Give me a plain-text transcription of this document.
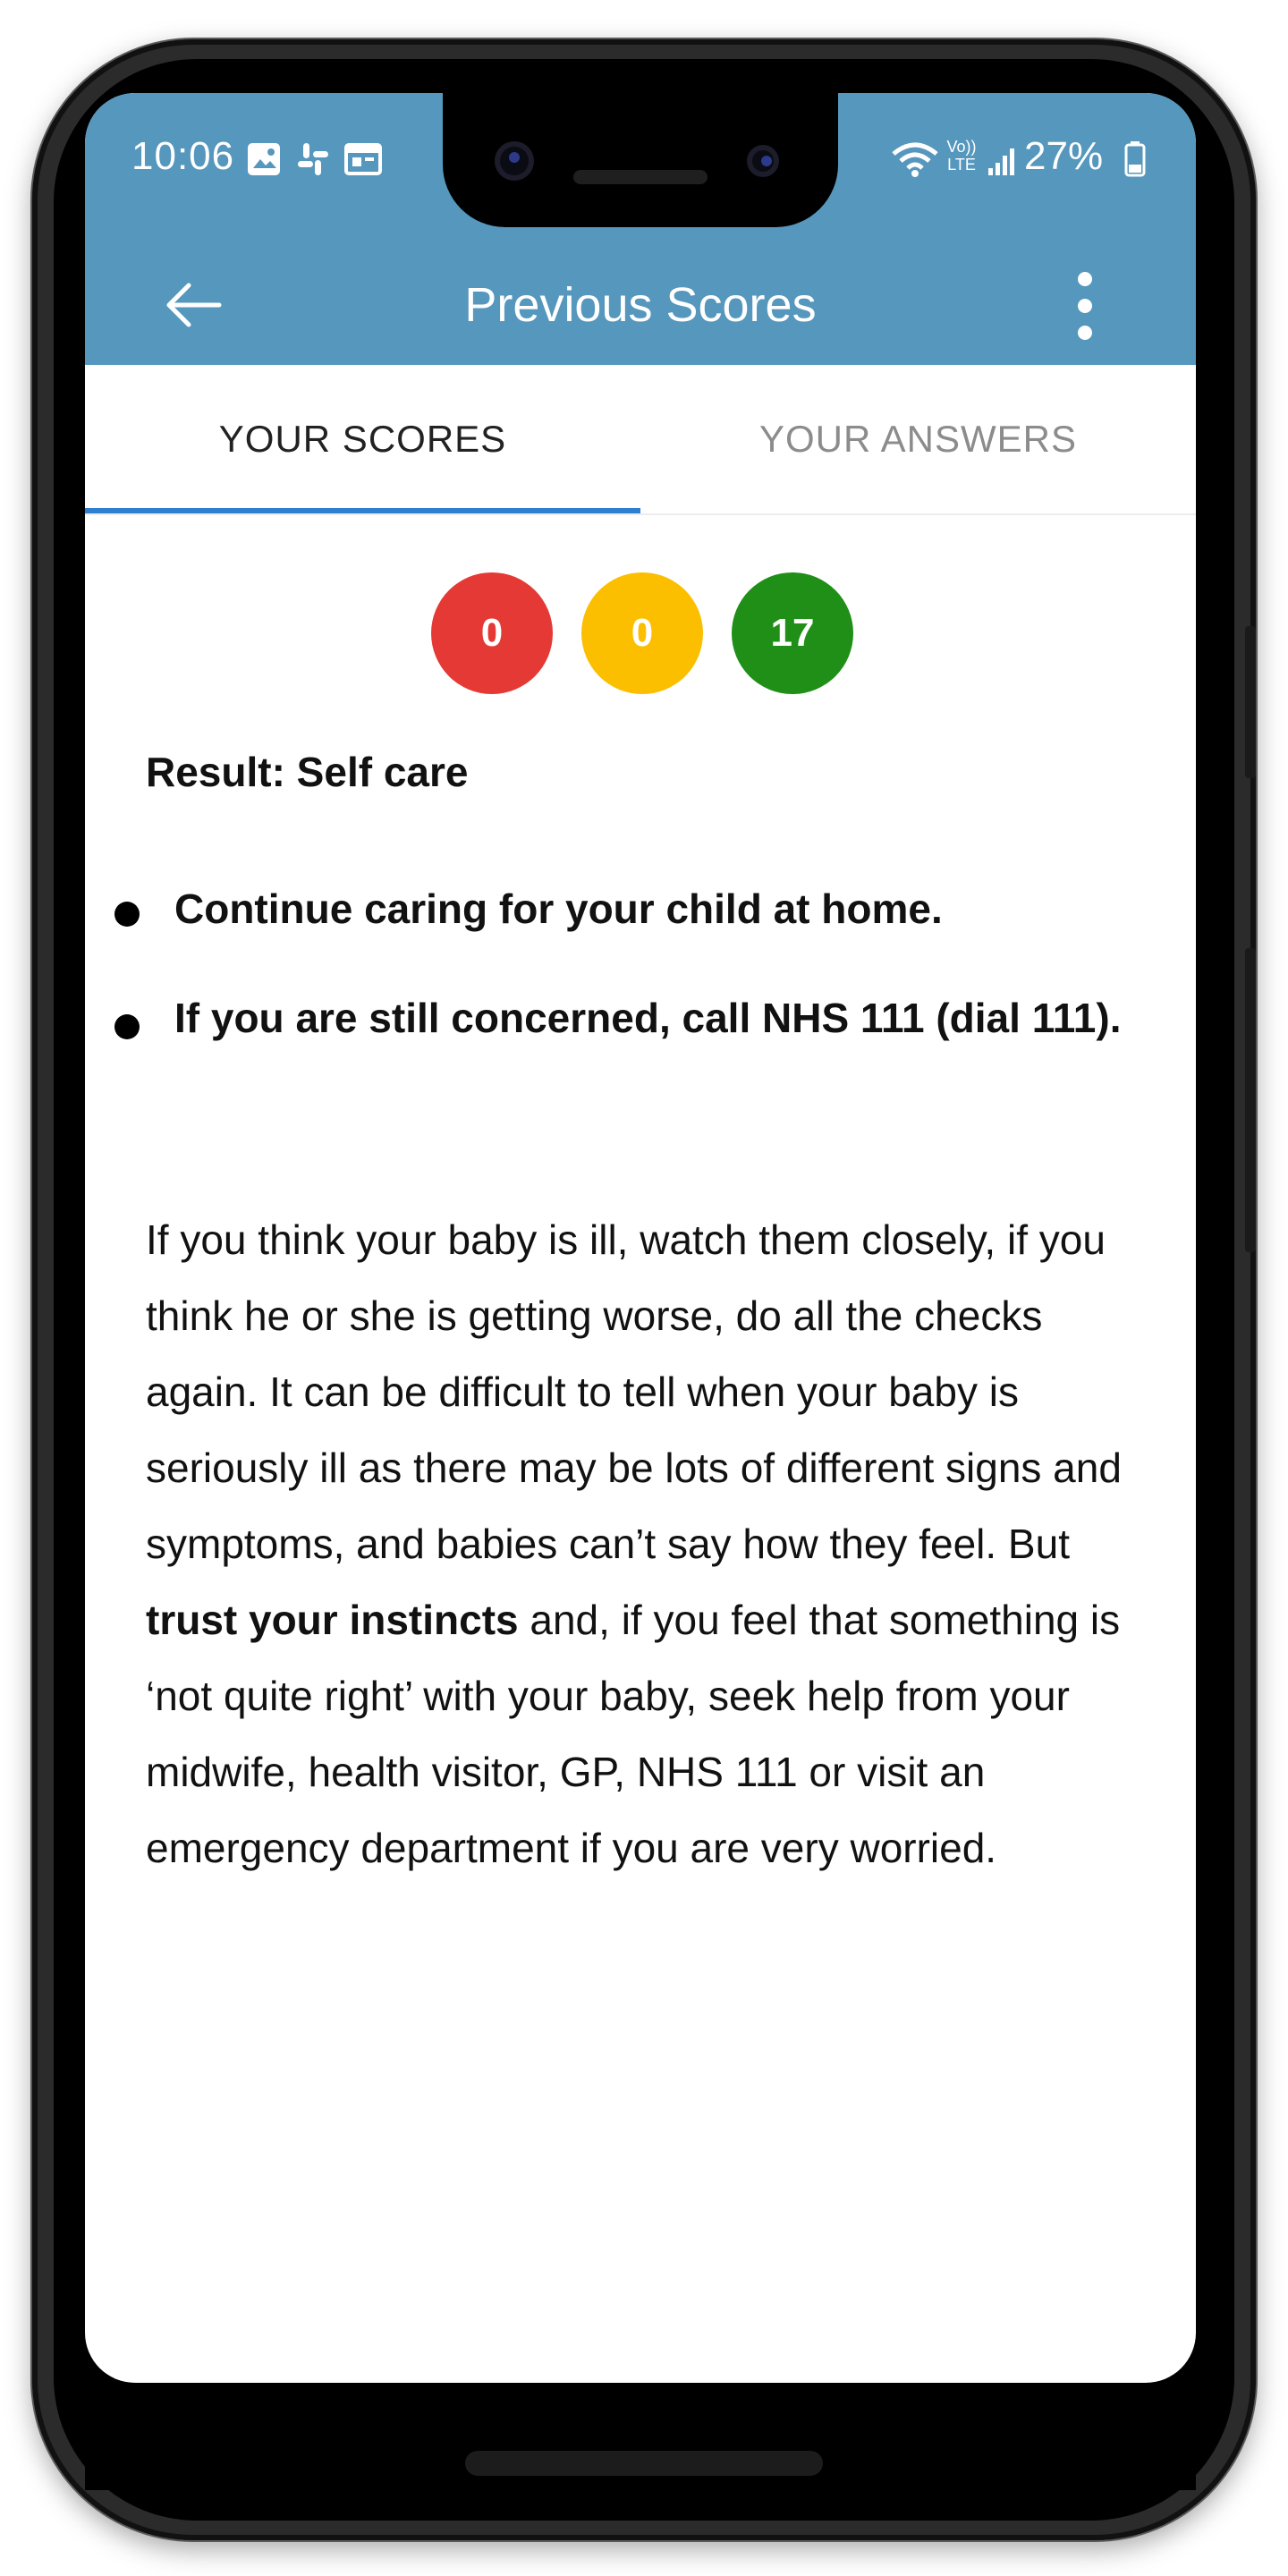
10:06	Vo))
LTE 27%
Previous Scores
YOUR SCORES	YOUR ANSWERS
0	0	17
Result: Self care
Continue caring for your child at home.
If you are still concerned, call NHS 111 (dial 111).
If you think your baby is ill, watch them closely, if you think he or she is getting worse, do all the checks again. It can be difficult to tell when your baby is seriously ill as there may be lots of different signs and symptoms, and babies can’t say how they feel. But trust your instincts and, if you feel that something is ‘not quite right’ with your baby, seek help from your midwife, health visitor, GP, NHS 111 or visit an emergency department if you are very worried.
